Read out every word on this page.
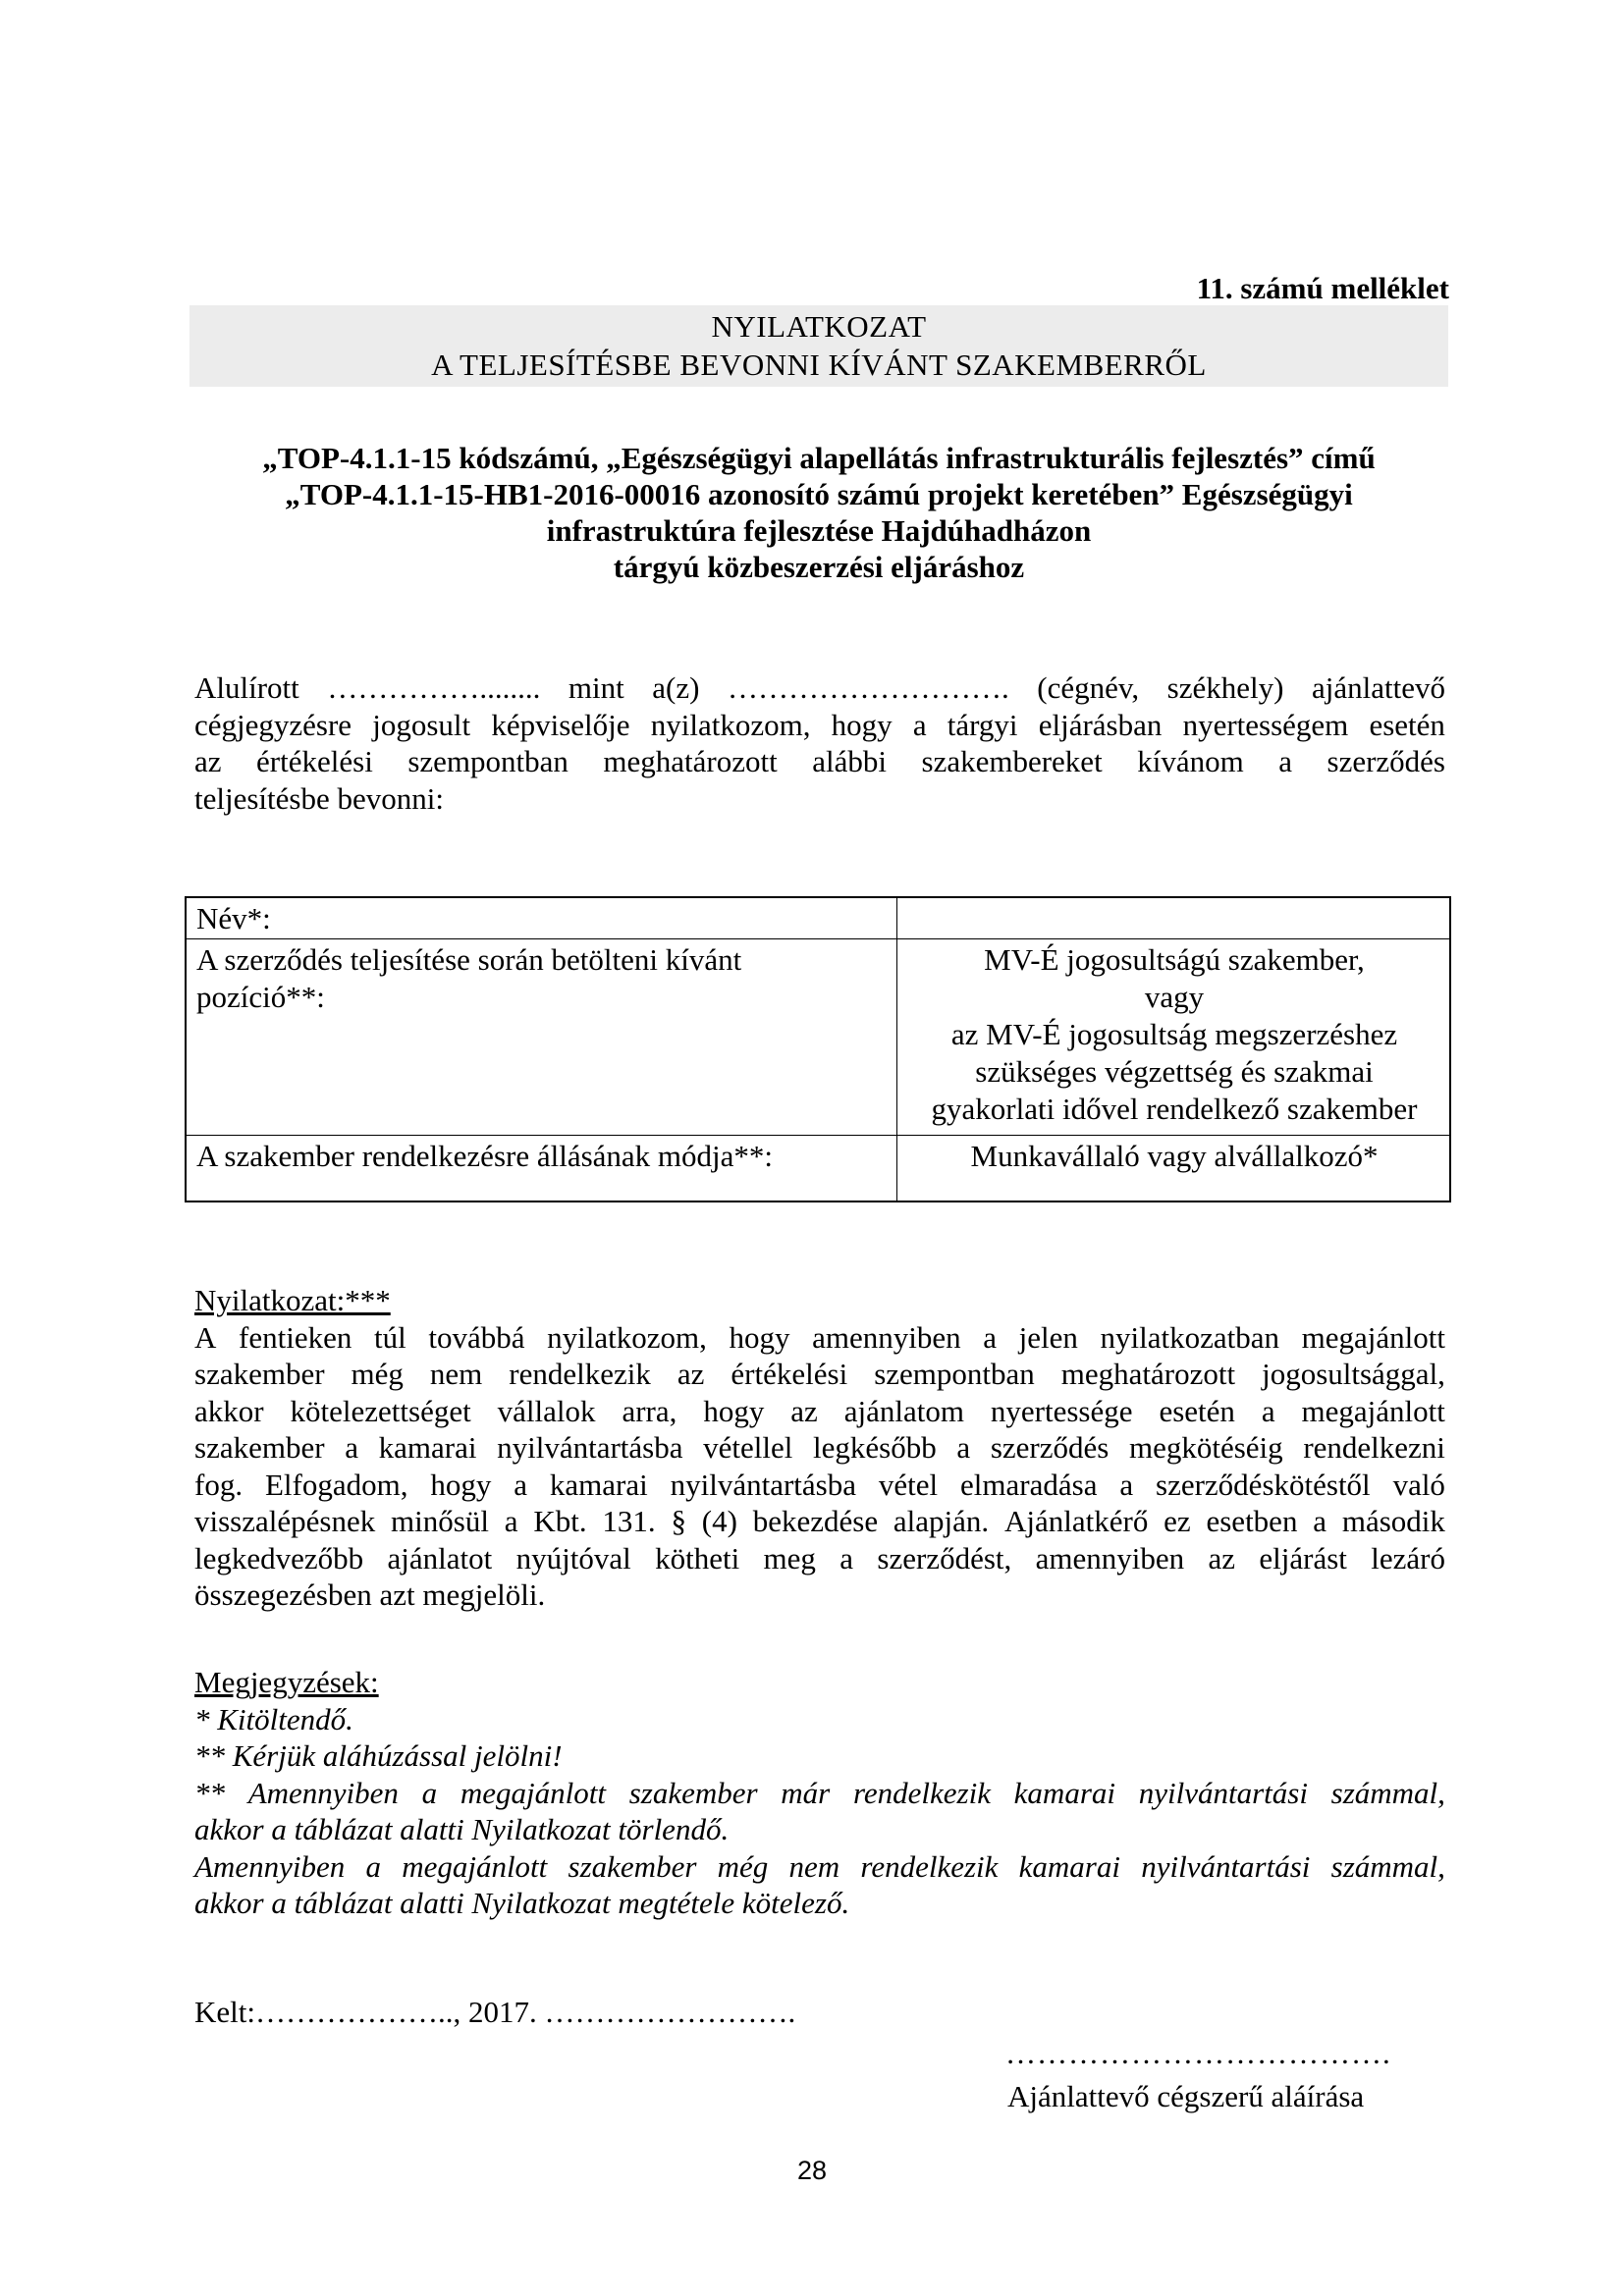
11. számú melléklet
NYILATKOZAT
A TELJESÍTÉSBE BEVONNI KÍVÁNT SZAKEMBERRŐL
„TOP-4.1.1-15 kódszámú, „Egészségügyi alapellátás infrastrukturális fejlesztés” című
„TOP-4.1.1-15-HB1-2016-00016 azonosító számú projekt keretében” Egészségügyi
infrastruktúra fejlesztése Hajdúhadházon
tárgyú közbeszerzési eljáráshoz
Alulírott ……………........ mint a(z) ………………………. (cégnév, székhely) ajánlattevő
cégjegyzésre jogosult képviselője nyilatkozom, hogy a tárgyi eljárásban nyertességem esetén
az értékelési szempontban meghatározott alábbi szakembereket kívánom a szerződés
teljesítésbe bevonni:
Név*:
A szerződés teljesítése során betölteni kívánt
pozíció**:
MV-É jogosultságú szakember,
vagy
az MV-É jogosultság megszerzéshez
szükséges végzettség és szakmai
gyakorlati idővel rendelkező szakember
A szakember rendelkezésre állásának módja**:	Munkavállaló vagy alvállalkozó*
Nyilatkozat:***
A fentieken túl továbbá nyilatkozom, hogy amennyiben a jelen nyilatkozatban megajánlott
szakember még nem rendelkezik az értékelési szempontban meghatározott jogosultsággal,
akkor kötelezettséget vállalok arra, hogy az ajánlatom nyertessége esetén a megajánlott
szakember a kamarai nyilvántartásba vétellel legkésőbb a szerződés megkötéséig rendelkezni
fog. Elfogadom, hogy a kamarai nyilvántartásba vétel elmaradása a szerződéskötéstől való
visszalépésnek minősül a Kbt. 131. § (4) bekezdése alapján. Ajánlatkérő ez esetben a második
legkedvezőbb ajánlatot nyújtóval kötheti meg a szerződést, amennyiben az eljárást lezáró
összegezésben azt megjelöli.
Megjegyzések:
* Kitöltendő.
** Kérjük aláhúzással jelölni!
** Amennyiben a megajánlott szakember már rendelkezik kamarai nyilvántartási számmal,
akkor a táblázat alatti Nyilatkozat törlendő.
Amennyiben a megajánlott szakember még nem rendelkezik kamarai nyilvántartási számmal,
akkor a táblázat alatti Nyilatkozat megtétele kötelező.
Kelt:……………….., 2017. …………………….
……………………………….
Ajánlattevő cégszerű aláírása
28
